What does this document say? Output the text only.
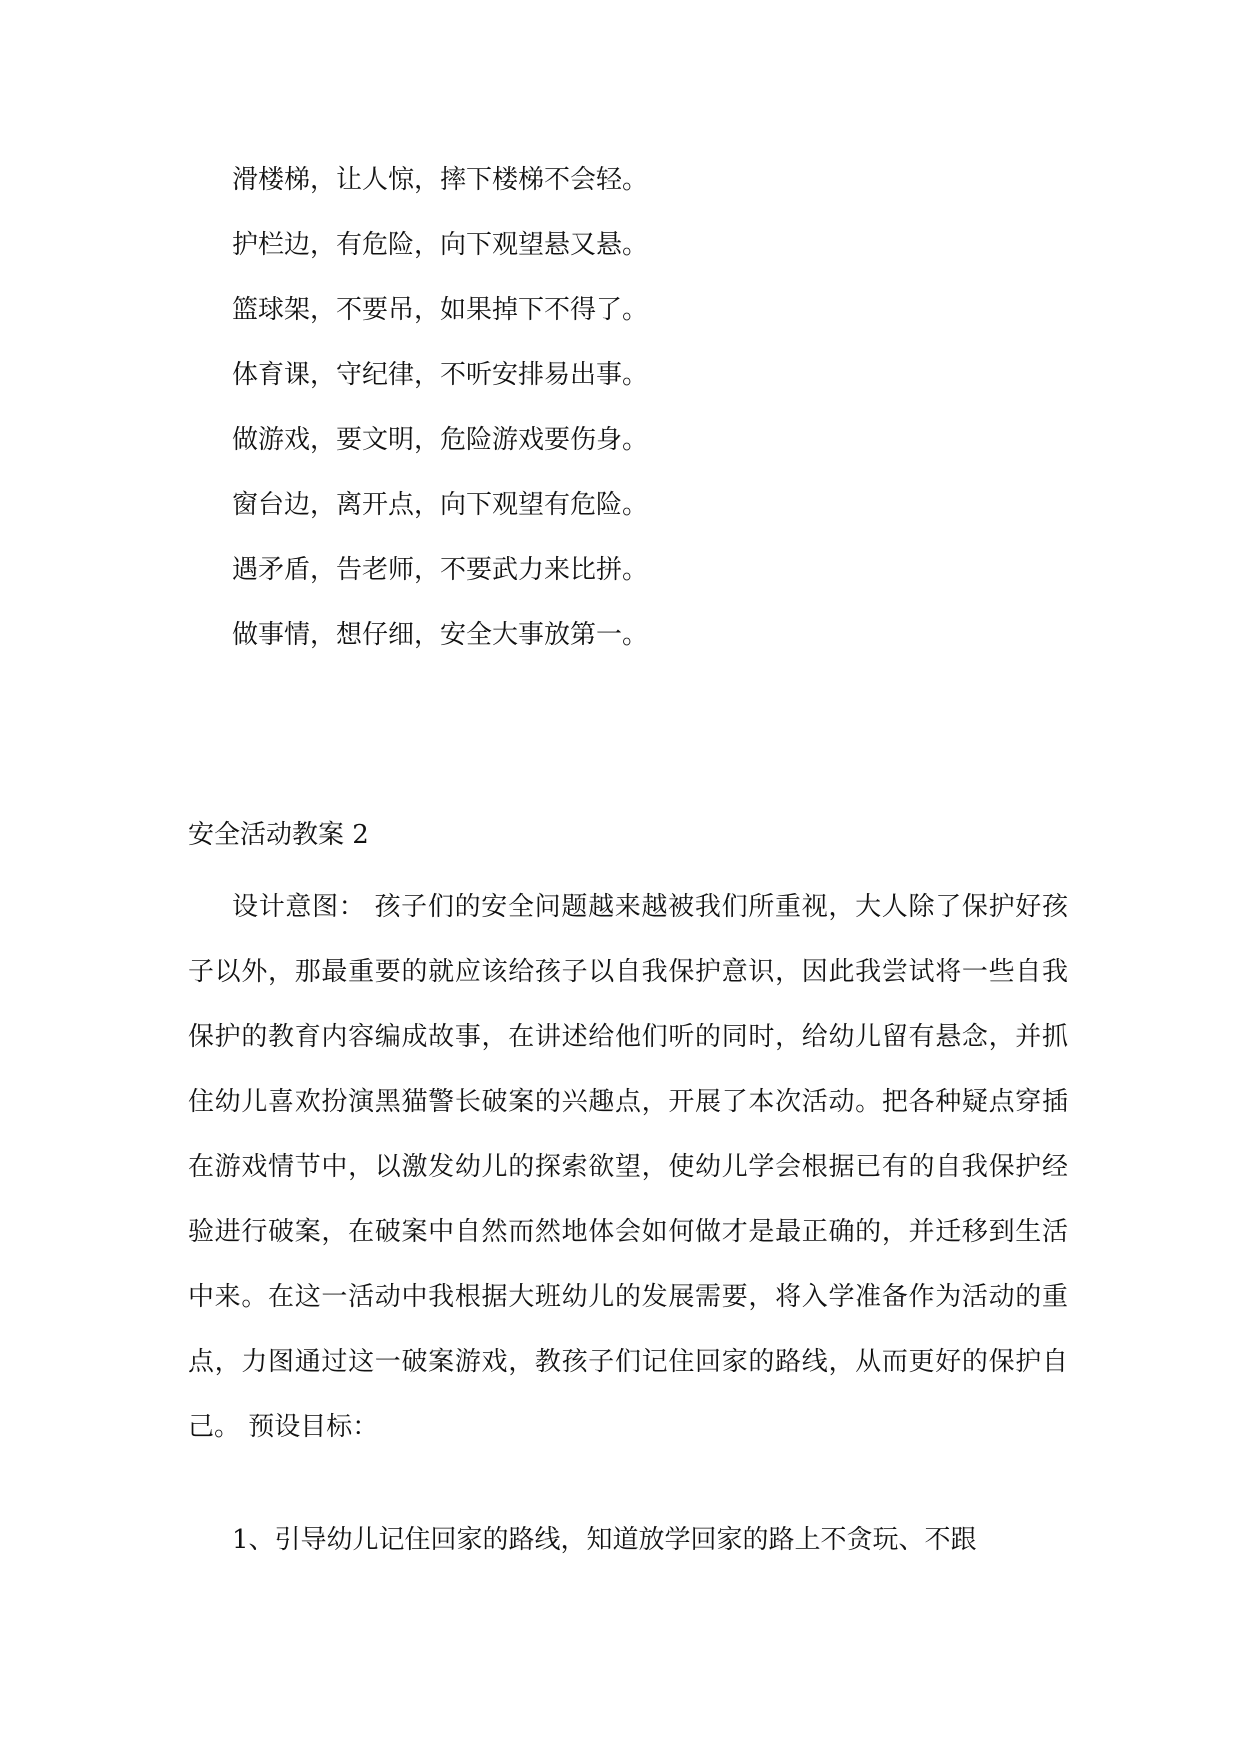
滑楼梯，让人惊，摔下楼梯不会轻。
护栏边，有危险，向下观望悬又悬。
篮球架，不要吊，如果掉下不得了。
体育课，守纪律，不听安排易出事。
做游戏，要文明，危险游戏要伤身。
窗台边，离开点，向下观望有危险。
遇矛盾，告老师，不要武力来比拼。
做事情，想仔细，安全大事放第一。
安全活动教案 2

设计意图： 孩子们的安全问题越来越被我们所重视，大人除了保护好孩子以外，那最重要的就应该给孩子以自我保护意识，因此我尝试将一些自我保护的教育内容编成故事，在讲述给他们听的同时，给幼儿留有悬念，并抓住幼儿喜欢扮演黑猫警长破案的兴趣点，开展了本次活动。把各种疑点穿插在游戏情节中，以激发幼儿的探索欲望，使幼儿学会根据已有的自我保护经验进行破案，在破案中自然而然地体会如何做才是最正确的，并迁移到生活中来。在这一活动中我根据大班幼儿的发展需要，将入学准备作为活动的重点，力图通过这一破案游戏，教孩子们记住回家的路线，从而更好的保护自己。 预设目标：

1、引导幼儿记住回家的路线，知道放学回家的路上不贪玩、不跟
